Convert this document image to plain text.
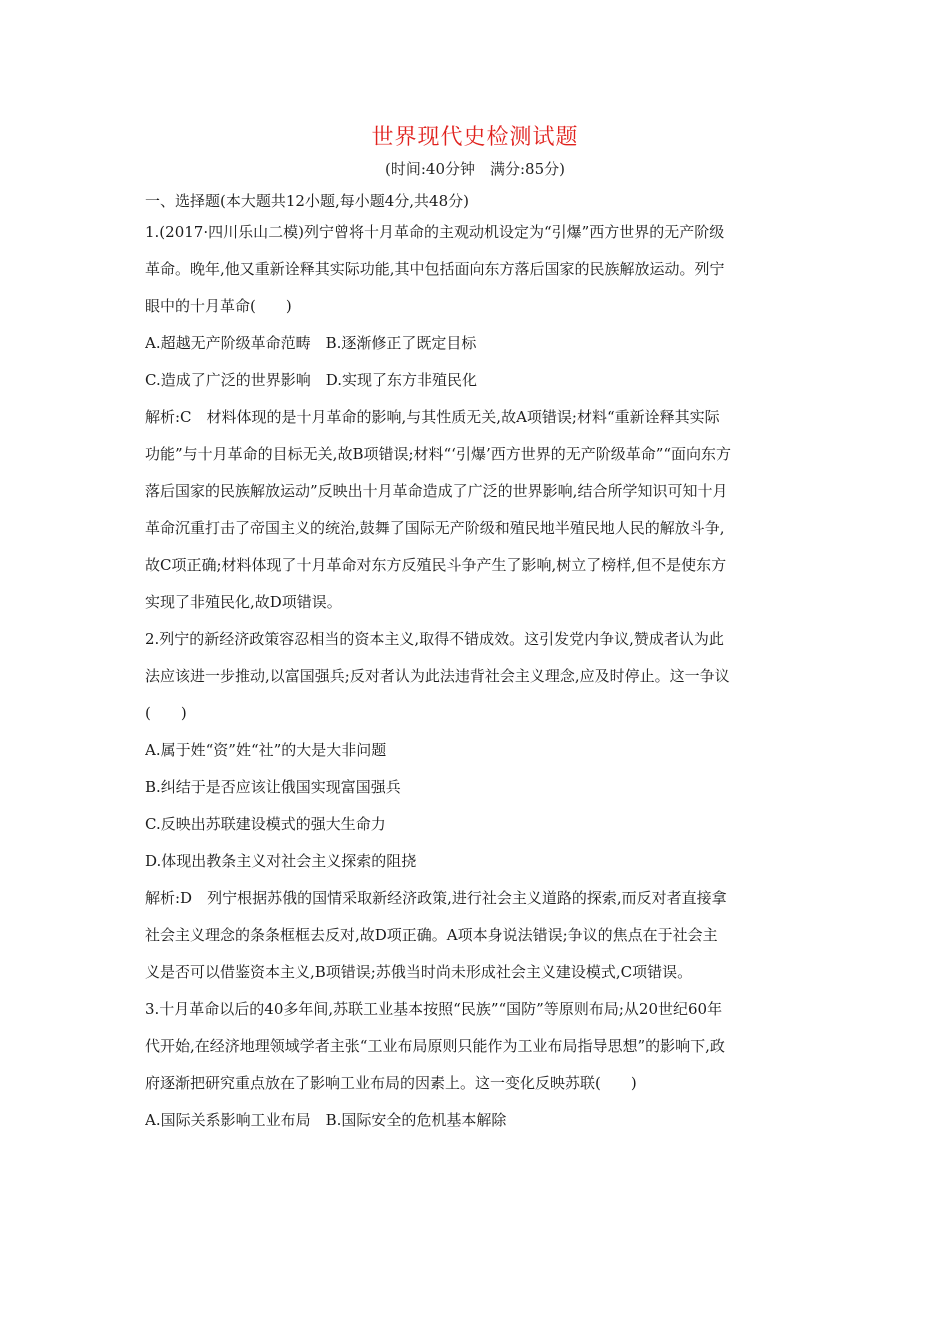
世界现代史检测试题
(时间:40分钟　满分:85分)
一、选择题(本大题共12小题,每小题4分,共48分)
1.(2017·四川乐山二模)列宁曾将十月革命的主观动机设定为“引爆”西方世界的无产阶级
革命。晚年,他又重新诠释其实际功能,其中包括面向东方落后国家的民族解放运动。列宁
眼中的十月革命(　　)
A.超越无产阶级革命范畴　B.逐渐修正了既定目标
C.造成了广泛的世界影响　D.实现了东方非殖民化
解析:C　材料体现的是十月革命的影响,与其性质无关,故A项错误;材料“重新诠释其实际
功能”与十月革命的目标无关,故B项错误;材料“‘引爆’西方世界的无产阶级革命”“面向东方
落后国家的民族解放运动”反映出十月革命造成了广泛的世界影响,结合所学知识可知十月
革命沉重打击了帝国主义的统治,鼓舞了国际无产阶级和殖民地半殖民地人民的解放斗争,
故C项正确;材料体现了十月革命对东方反殖民斗争产生了影响,树立了榜样,但不是使东方
实现了非殖民化,故D项错误。
2.列宁的新经济政策容忍相当的资本主义,取得不错成效。这引发党内争议,赞成者认为此
法应该进一步推动,以富国强兵;反对者认为此法违背社会主义理念,应及时停止。这一争议
(　　)
A.属于姓“资”姓“社”的大是大非问题
B.纠结于是否应该让俄国实现富国强兵
C.反映出苏联建设模式的强大生命力
D.体现出教条主义对社会主义探索的阻挠
解析:D　列宁根据苏俄的国情采取新经济政策,进行社会主义道路的探索,而反对者直接拿
社会主义理念的条条框框去反对,故D项正确。A项本身说法错误;争议的焦点在于社会主
义是否可以借鉴资本主义,B项错误;苏俄当时尚未形成社会主义建设模式,C项错误。
3.十月革命以后的40多年间,苏联工业基本按照“民族”“国防”等原则布局;从20世纪60年
代开始,在经济地理领域学者主张“工业布局原则只能作为工业布局指导思想”的影响下,政
府逐渐把研究重点放在了影响工业布局的因素上。这一变化反映苏联(　　)
A.国际关系影响工业布局　B.国际安全的危机基本解除
